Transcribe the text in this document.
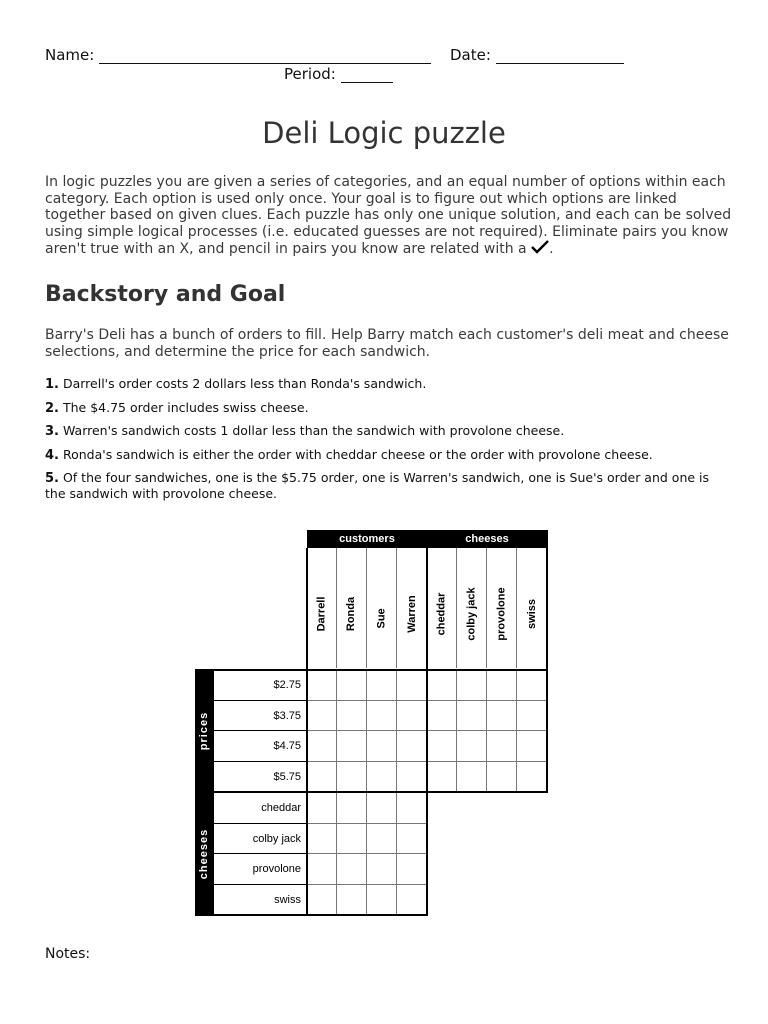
Name:	Date:
Period:
Deli Logic puzzle
In logic puzzles you are given a series of categories, and an equal number of options within each category. Each option is used only once. Your goal is to figure out which options are linked together based on given clues. Each puzzle has only one unique solution, and each can be solved using simple logical processes (i.e. educated guesses are not required). Eliminate pairs you know aren't true with an X, and pencil in pairs you know are related with a .
Backstory and Goal
Barry's Deli has a bunch of orders to fill. Help Barry match each customer's deli meat and cheese selections, and determine the price for each sandwich.
1. Darrell's order costs 2 dollars less than Ronda's sandwich.
2. The $4.75 order includes swiss cheese.
3. Warren's sandwich costs 1 dollar less than the sandwich with provolone cheese.
4. Ronda's sandwich is either the order with cheddar cheese or the order with provolone cheese.
5. Of the four sandwiches, one is the $5.75 order, one is Warren's sandwich, one is Sue's order and one is the sandwich with provolone cheese.
customers	cheeses
prices
cheeses
Darrell Ronda Sue Warren cheddar colby jack provolone swiss
$2.75
$3.75
$4.75
$5.75
cheddar
colby jack
provolone
swiss
Notes:
